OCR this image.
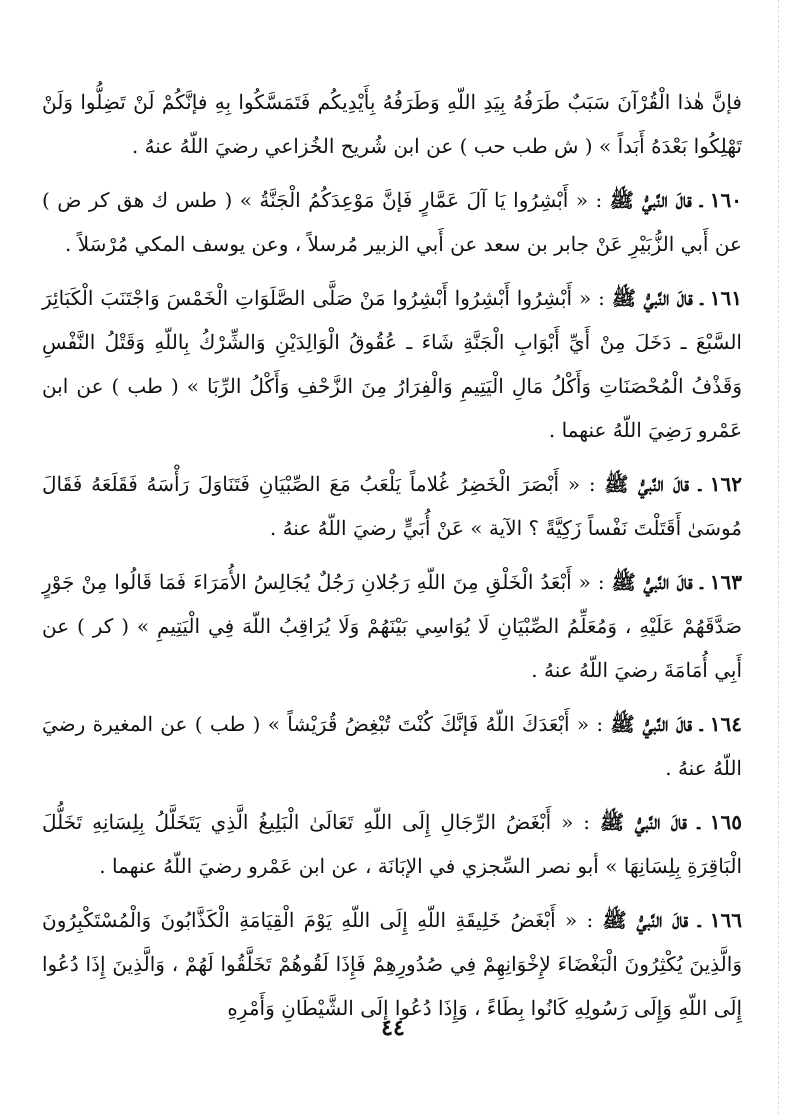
فإنَّ هٰذا الْقُرْآنَ سَبَبٌ طَرَفُهُ بِيَدِ اللّهِ وَطَرَفُهُ بِأَيْدِيكُم فَتَمَسَّكُوا بِهِ فإنَّكُمْ لَنْ تَضِلُّوا وَلَنْ تَهْلِكُوا بَعْدَهُ أَبَداً » ( ش طب حب ) عن ابن شُريح الخُزاعي رضيَ اللّهُ عنهُ .

١٦٠ ـ قالَ النَّبيُّ ﷺ : « أَبْشِرُوا يَا آلَ عَمَّارٍ فَإنَّ مَوْعِدَكُمُ الْجَنَّةُ » ( طس ك هق كر ض ) عن أَبي الزُّبَيْرِ عَنْ جابر بن سعد عن أَبي الزبير مُرسلاً ، وعن يوسف المكي مُرْسَلاً .

١٦١ ـ قالَ النَّبيُّ ﷺ : « أَبْشِرُوا أَبْشِرُوا أَبْشِرُوا مَنْ صَلَّى الصَّلَوَاتِ الْخَمْسَ وَاجْتَنَبَ الْكَبَائِرَ السَّبْعَ ـ دَخَلَ مِنْ أَيِّ أَبْوَابِ الْجَنَّةِ شَاءَ ـ عُقُوقُ الْوَالِدَيْنِ وَالشِّرْكُ بِاللّهِ وَقَتْلُ النَّفْسِ وَقَذْفُ الْمُحْصَنَاتِ وَأَكْلُ مَالِ الْيَتِيمِ وَالْفِرَارُ مِنَ الزَّحْفِ وَأَكْلُ الرِّبَا » ( طب ) عن ابن عَمْرو رَضِيَ اللّهُ عنهما .

١٦٢ ـ قالَ النَّبيُّ ﷺ : « أَبْصَرَ الْخَضِرُ غُلاماً يَلْعَبُ مَعَ الصِّبْيَانِ فَتَنَاوَلَ رَأْسَهُ فَقَلَعَهُ فَقَالَ مُوسَىٰ أَقَتَلْتَ نَفْساً زَكِيَّةً ؟ الآية » عَنْ أُبَيٍّ رضيَ اللّهُ عنهُ .

١٦٣ ـ قالَ النَّبيُّ ﷺ : « أَبْعَدُ الْخَلْقِ مِنَ اللّهِ رَجُلانِ رَجُلٌ يُجَالِسُ الأُمَرَاءَ فَمَا قَالُوا مِنْ جَوْرٍ صَدَّقَهُمْ عَلَيْهِ ، وَمُعَلِّمُ الصِّبْيَانِ لَا يُوَاسِي بَيْنَهُمْ وَلَا يُرَاقِبُ اللّهَ فِي الْيَتِيمِ » ( كر ) عن أَبِي أُمَامَةَ رضيَ اللّهُ عنهُ .

١٦٤ ـ قالَ النَّبيُّ ﷺ : « أَبْعَدَكَ اللّهُ فَإنَّكَ كُنْتَ تُبْغِضُ قُرَيْشاً » ( طب ) عن المغيرة رضيَ اللّهُ عنهُ .

١٦٥ ـ قالَ النَّبيُّ ﷺ : « أَبْغَضُ الرِّجَالِ إِلَى اللّهِ تَعَالَىٰ الْبَلِيغُ الَّذِي يَتَخَلَّلُ بِلِسَانِهِ تَخَلُّلَ الْبَاقِرَةِ بِلِسَانِهَا » أبو نصر السِّجزي في الإبَانَة ، عن ابن عَمْرو رضيَ اللّهُ عنهما .

١٦٦ ـ قالَ النَّبيُّ ﷺ : « أَبْغَضُ خَلِيقَةِ اللّهِ إِلَى اللّهِ يَوْمَ الْقِيَامَةِ الْكَذَّابُونَ وَالْمُسْتَكْبِرُونَ وَالَّذِينَ يُكْثِرُونَ الْبَغْضَاءَ لإِخْوَانِهِمْ فِي صُدُورِهِمْ فَإِذَا لَقُوهُمْ تَخَلَّقُوا لَهُمْ ، وَالَّذِينَ إِذَا دُعُوا إِلَى اللّهِ وَإِلَى رَسُولِهِ كَانُوا بِطَاءً ، وَإِذَا دُعُوا إِلَى الشَّيْطَانِ وَأَمْرِهِ

٤٤
